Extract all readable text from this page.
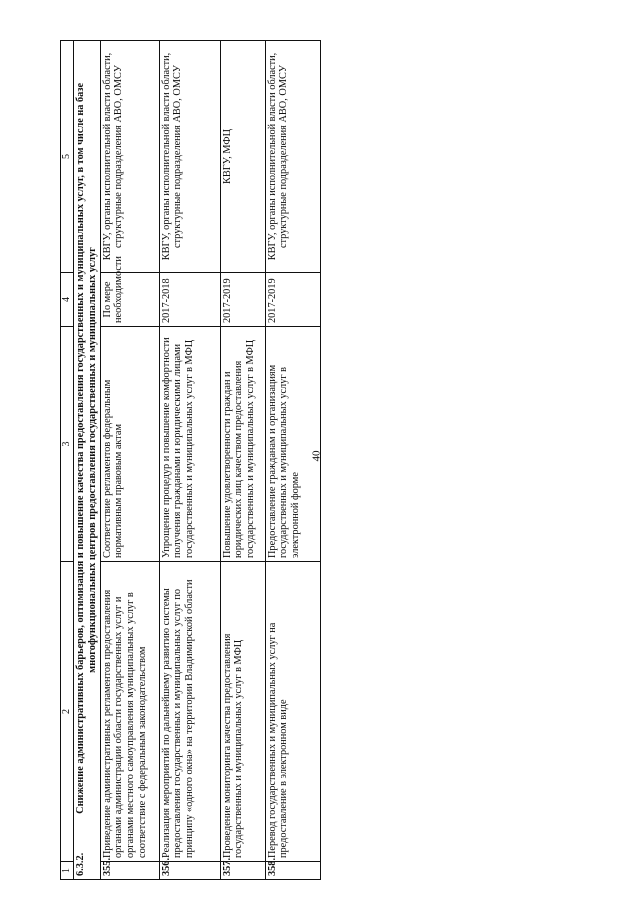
40
1	2	3	4	5

6.3.2.
Снижение административных барьеров, оптимизация и повышение качества предоставления государственных и муниципальных услуг, в том числе на базе многофункциональных центров предоставления государственных и муниципальных услуг				
355.	Приведение административных регламентов предоставления органами администрации области государственных услуг и органами местного самоуправления муниципальных услуг в соответствие с федеральным законодательством	Соответствие регламентов федеральным нормативным правовым актам	По мере необходимости	КВГУ, органы исполнительной власти области, структурные подразделения АВО, ОМСУ
356.	Реализация мероприятий по дальнейшему развитию системы предоставления государственных и муниципальных услуг по принципу «одного окна» на территории Владимирской области	Упрощение процедур и повышение комфортности получения гражданами и юридическими лицами государственных и муниципальных услуг в МФЦ	2017-2018	КВГУ, органы исполнительной власти области, структурные подразделения АВО, ОМСУ
357.	Проведение мониторинга качества предоставления государственных и муниципальных услуг в МФЦ	Повышение удовлетворенности граждан и юридических лиц качеством предоставления государственных и муниципальных услуг в МФЦ	2017-2019	КВГУ, МФЦ
358.	Перевод государственных и муниципальных услуг на предоставление в электронном виде	Предоставление гражданам и организациям государственных и муниципальных услуг в электронной форме	2017-2019	КВГУ, органы исполнительной власти области, структурные подразделения АВО, ОМСУ
